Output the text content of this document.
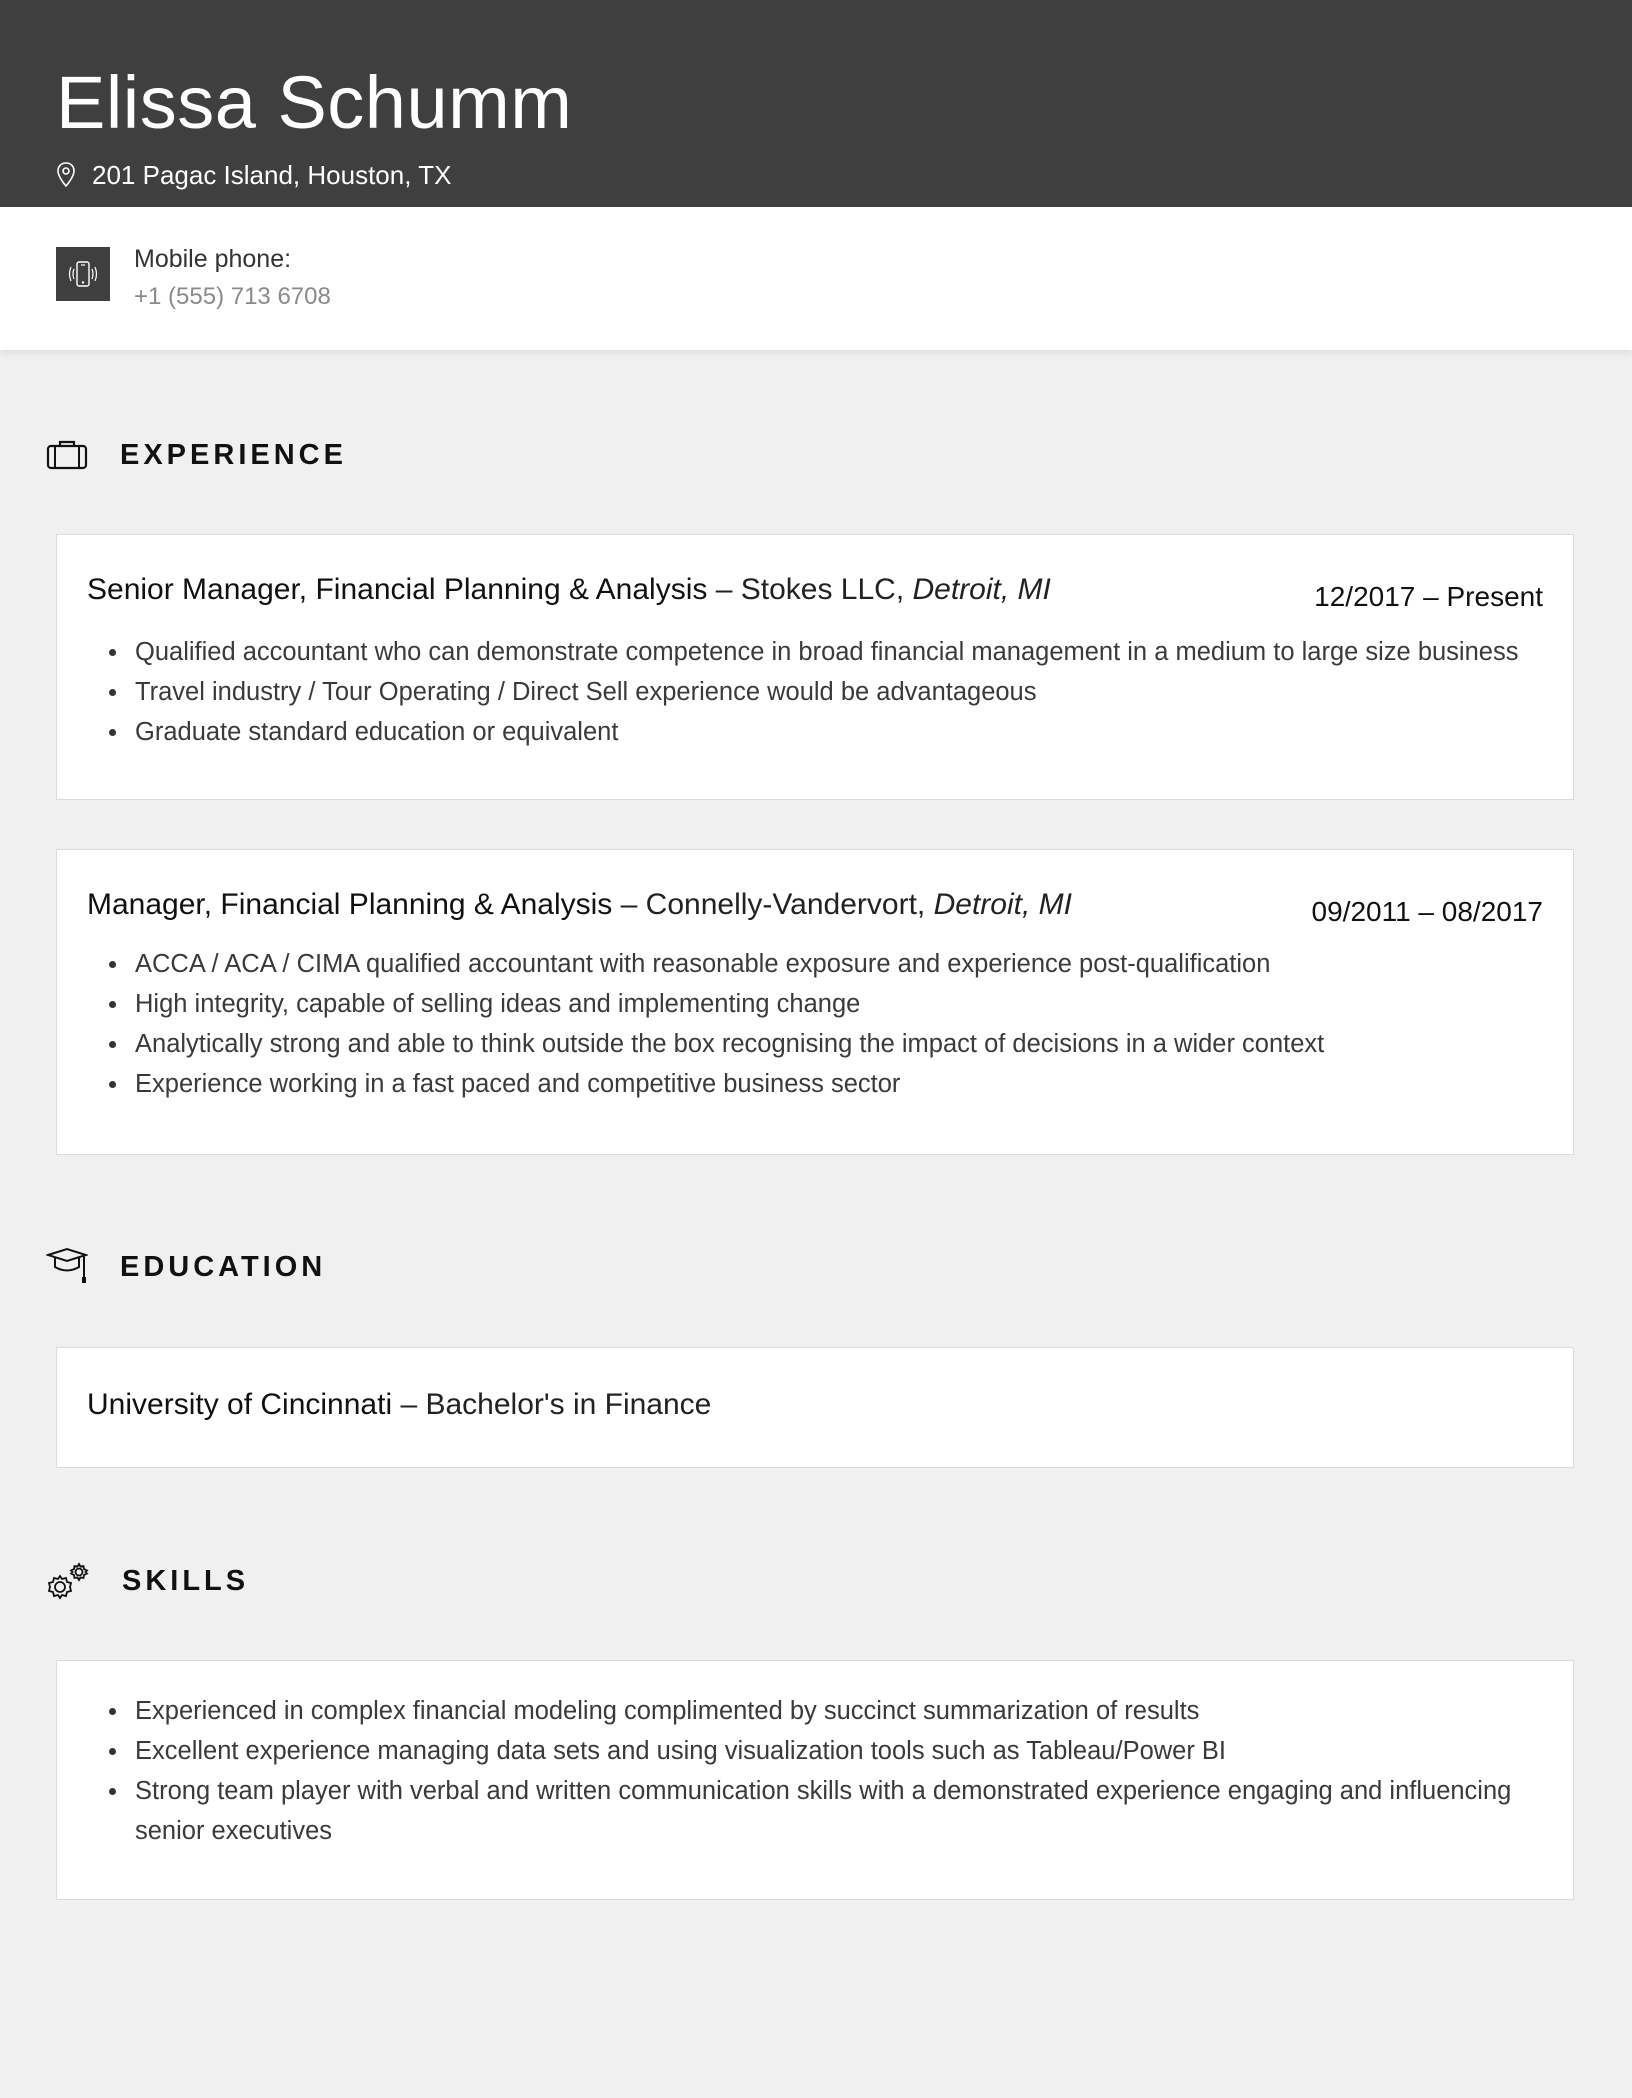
Elissa Schumm
201 Pagac Island, Houston, TX
Mobile phone:
+1 (555) 713 6708
EXPERIENCE
Senior Manager, Financial Planning & Analysis – Stokes LLC, Detroit, MI	12/2017 – Present
Qualified accountant who can demonstrate competence in broad financial management in a medium to large size business
Travel industry / Tour Operating / Direct Sell experience would be advantageous
Graduate standard education or equivalent
Manager, Financial Planning & Analysis – Connelly-Vandervort, Detroit, MI	09/2011 – 08/2017
ACCA / ACA / CIMA qualified accountant with reasonable exposure and experience post-qualification
High integrity, capable of selling ideas and implementing change
Analytically strong and able to think outside the box recognising the impact of decisions in a wider context
Experience working in a fast paced and competitive business sector
EDUCATION
University of Cincinnati – Bachelor's in Finance
SKILLS
Experienced in complex financial modeling complimented by succinct summarization of results
Excellent experience managing data sets and using visualization tools such as Tableau/Power BI
Strong team player with verbal and written communication skills with a demonstrated experience engaging and influencing senior executives
